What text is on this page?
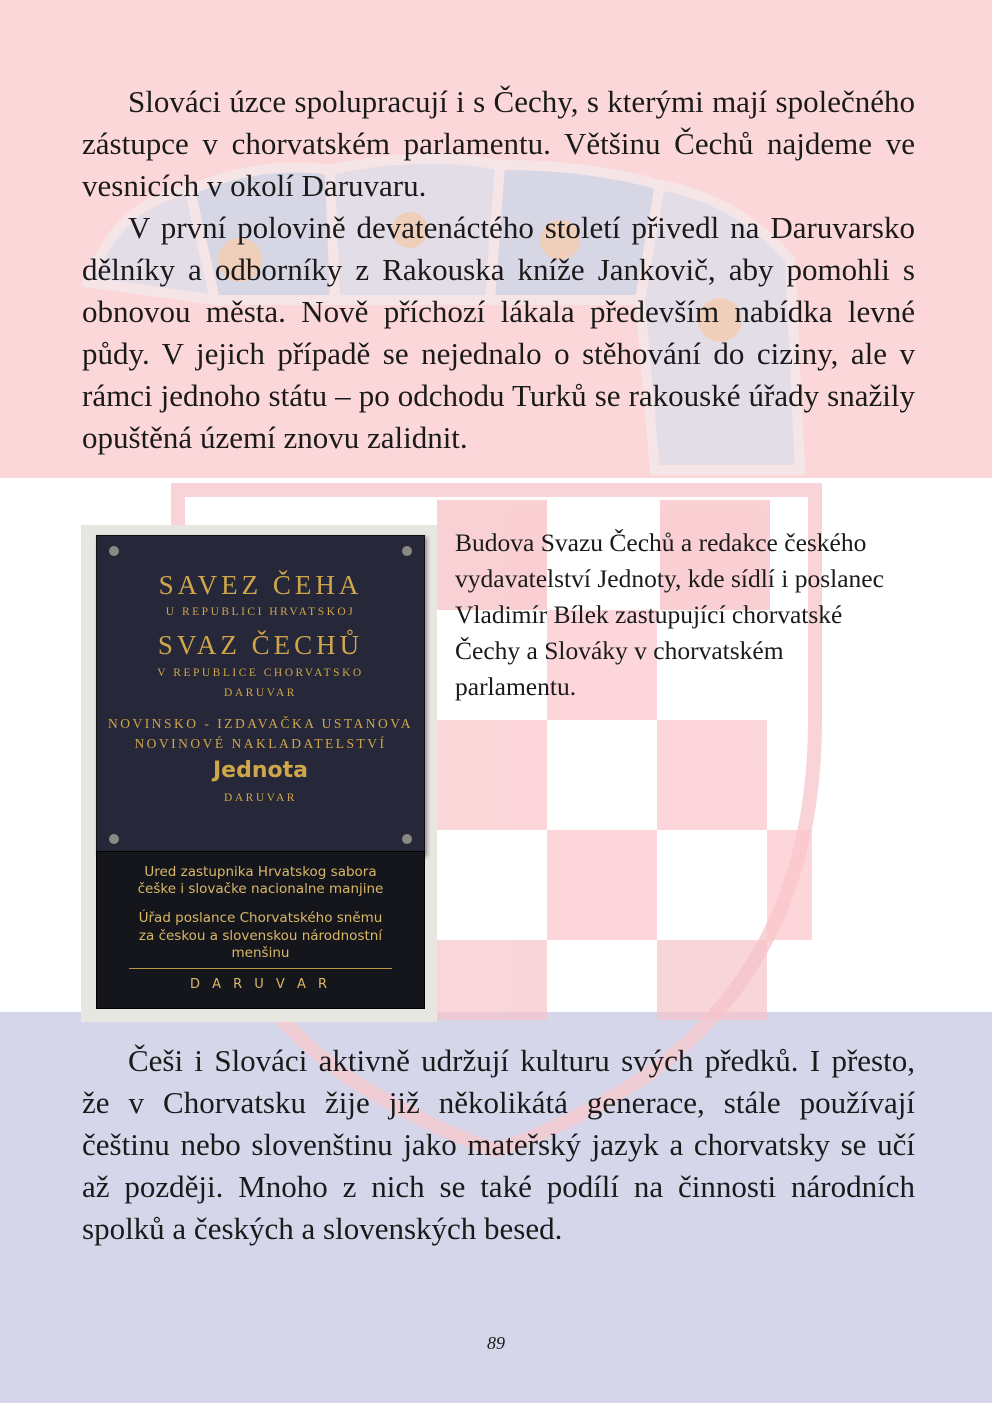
Slováci úzce spolupracují i s Čechy, s kterými mají společného zástupce v chorvatském parlamentu. Většinu Čechů najdeme ve vesnicích v okolí Daruvaru.

V první polovině devatenáctého století přivedl na Daruvarsko dělníky a odborníky z Rakouska kníže Jankovič, aby pomohli s obnovou města. Nově příchozí lákala především nabídka levné půdy. V jejich případě se nejednalo o stěhování do ciziny, ale v rámci jednoho státu – po odchodu Turků se rakouské úřady snažily opuštěná území znovu zalidnit.

SAVEZ ČEHA
U REPUBLICI HRVATSKOJ
SVAZ ČECHŮ
V REPUBLICE CHORVATSKO
DARUVAR
NOVINSKO - IZDAVAČKA USTANOVA
NOVINOVÉ NAKLADATELSTVÍ
Jednota
DARUVAR
Ured zastupnika Hrvatskog sabora
češke i slovačke nacionalne manjine
Úřad poslance Chorvatského sněmu
za českou a slovenskou národnostní
menšinu
D A R U V A R

Budova Svazu Čechů a redakce českého vydavatelství Jednoty, kde sídlí i poslanec Vladimír Bílek zastupující chorvatské Čechy a Slováky v chorvatském parlamentu.

Češi i Slováci aktivně udržují kulturu svých předků. I přesto, že v Chorvatsku žije již několikátá generace, stále používají češtinu nebo slovenštinu jako mateřský jazyk a chorvatsky se učí až později. Mnoho z nich se také podílí na činnosti národních spolků a českých a slovenských besed.

89
